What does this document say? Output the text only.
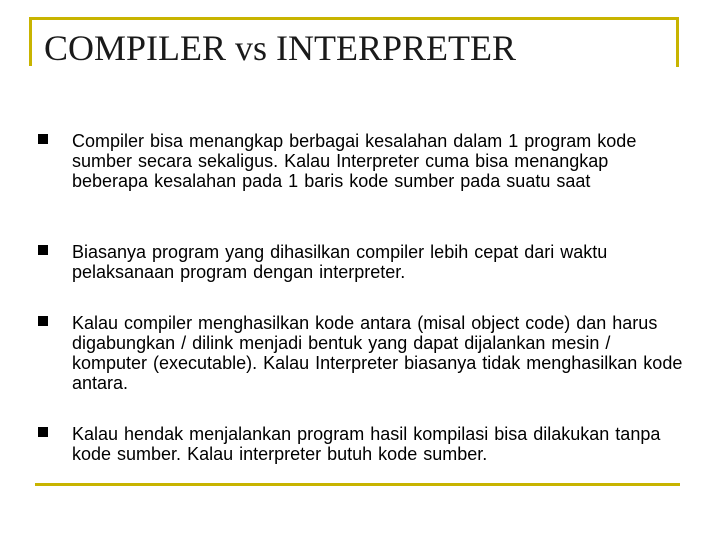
COMPILER vs INTERPRETER

Compiler bisa menangkap berbagai kesalahan dalam 1 program kode sumber secara sekaligus. Kalau Interpreter cuma bisa menangkap beberapa kesalahan pada 1 baris kode sumber pada suatu saat

Biasanya program yang dihasilkan compiler lebih cepat dari waktu pelaksanaan program dengan interpreter.

Kalau compiler menghasilkan kode antara (misal object code) dan harus digabungkan / dilink menjadi bentuk yang dapat dijalankan mesin / komputer (executable). Kalau Interpreter biasanya tidak menghasilkan kode antara.

Kalau hendak menjalankan program hasil kompilasi bisa dilakukan tanpa kode sumber. Kalau interpreter butuh kode sumber.
